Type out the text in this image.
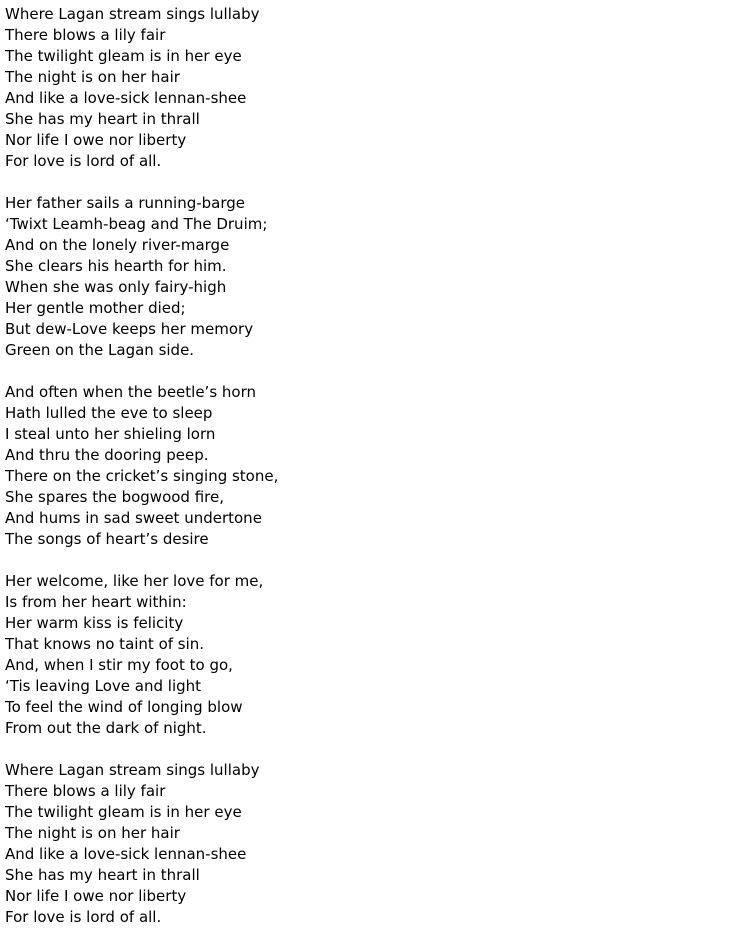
Where Lagan stream sings lullaby
There blows a lily fair
The twilight gleam is in her eye
The night is on her hair
And like a love-sick lennan-shee
She has my heart in thrall
Nor life I owe nor liberty
For love is lord of all.
Her father sails a running-barge
‘Twixt Leamh-beag and The Druim;
And on the lonely river-marge
She clears his hearth for him.
When she was only fairy-high
Her gentle mother died;
But dew-Love keeps her memory
Green on the Lagan side.
And often when the beetle’s horn
Hath lulled the eve to sleep
I steal unto her shieling lorn
And thru the dooring peep.
There on the cricket’s singing stone,
She spares the bogwood fire,
And hums in sad sweet undertone
The songs of heart’s desire
Her welcome, like her love for me,
Is from her heart within:
Her warm kiss is felicity
That knows no taint of sin.
And, when I stir my foot to go,
‘Tis leaving Love and light
To feel the wind of longing blow
From out the dark of night.
Where Lagan stream sings lullaby
There blows a lily fair
The twilight gleam is in her eye
The night is on her hair
And like a love-sick lennan-shee
She has my heart in thrall
Nor life I owe nor liberty
For love is lord of all.
